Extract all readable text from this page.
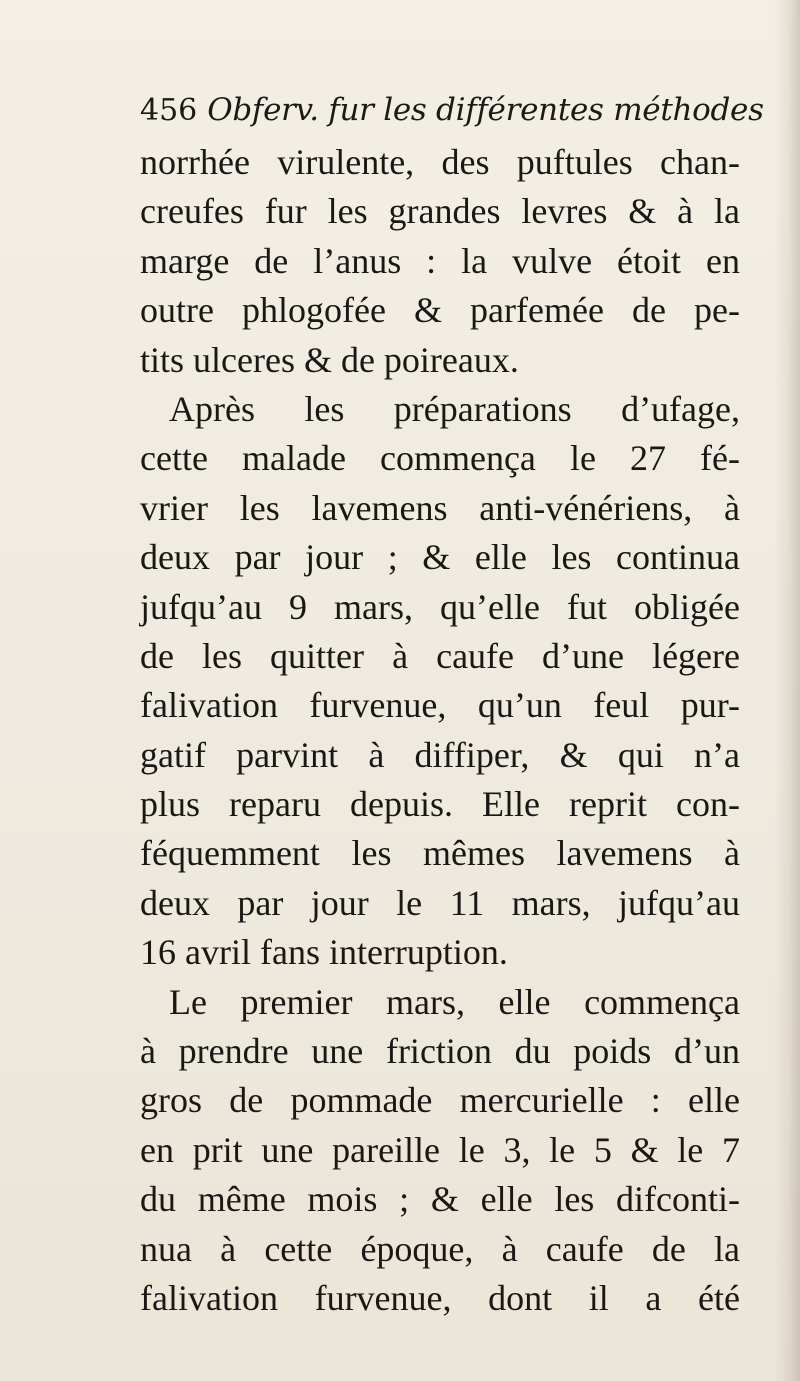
456 Obferv. fur les différentes méthodes
norrhée virulente, des puftules chan-
creufes fur les grandes levres & à la
marge de l’anus : la vulve étoit en
outre phlogofée & parfemée de pe-
tits ulceres & de poireaux.
Après les préparations d’ufage,
cette malade commença le 27 fé-
vrier les lavemens anti-vénériens, à
deux par jour ; & elle les continua
jufqu’au 9 mars, qu’elle fut obligée
de les quitter à caufe d’une légere
falivation furvenue, qu’un feul pur-
gatif parvint à diffiper, & qui n’a
plus reparu depuis. Elle reprit con-
féquemment les mêmes lavemens à
deux par jour le 11 mars, jufqu’au
16 avril fans interruption.
Le premier mars, elle commença
à prendre une friction du poids d’un
gros de pommade mercurielle : elle
en prit une pareille le 3, le 5 & le 7
du même mois ; & elle les difconti-
nua à cette époque, à caufe de la
falivation furvenue, dont il a été
